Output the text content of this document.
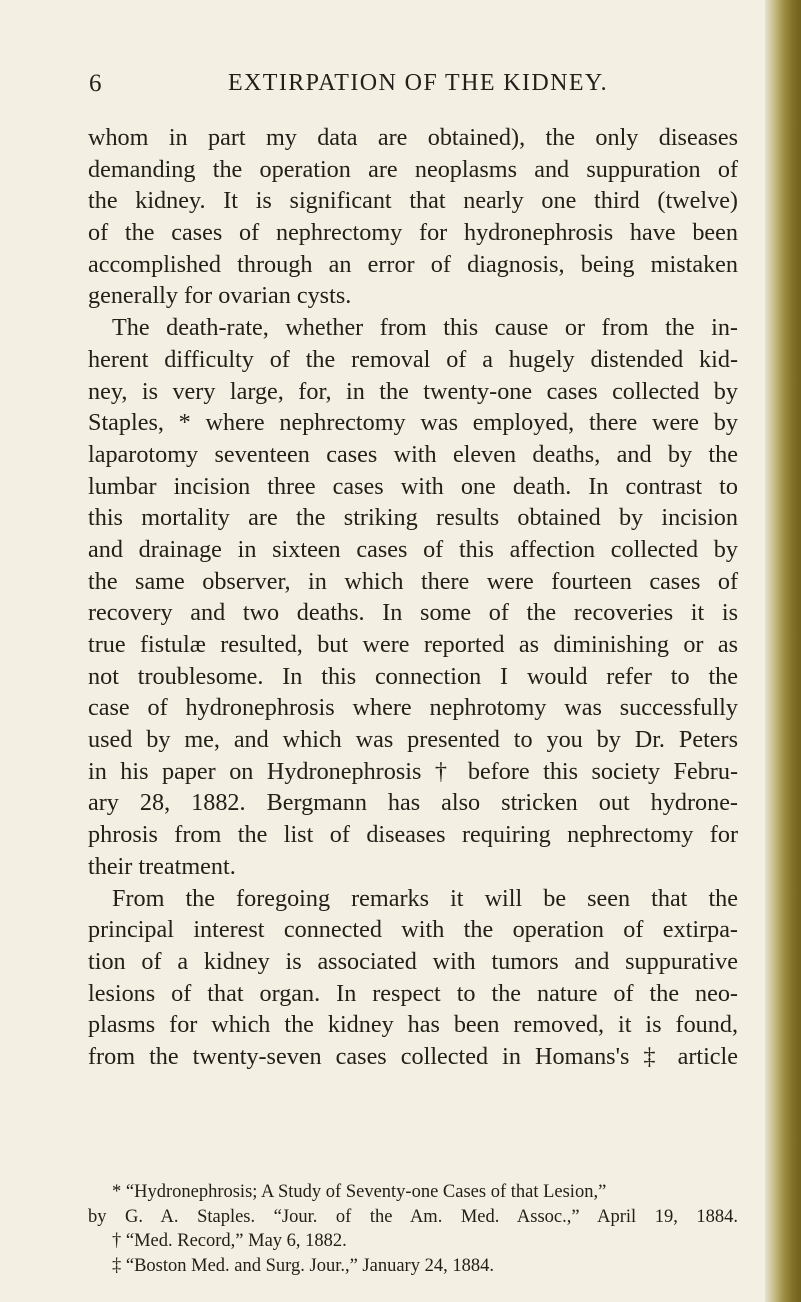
6	EXTIRPATION OF THE KIDNEY.
whom in part my data are obtained), the only diseases
demanding the operation are neoplasms and suppuration of
the kidney. It is significant that nearly one third (twelve)
of the cases of nephrectomy for hydronephrosis have been
accomplished through an error of diagnosis, being mistaken
generally for ovarian cysts.
The death-rate, whether from this cause or from the in-
herent difficulty of the removal of a hugely distended kid-
ney, is very large, for, in the twenty-one cases collected by
Staples, * where nephrectomy was employed, there were by
laparotomy seventeen cases with eleven deaths, and by the
lumbar incision three cases with one death. In contrast to
this mortality are the striking results obtained by incision
and drainage in sixteen cases of this affection collected by
the same observer, in which there were fourteen cases of
recovery and two deaths. In some of the recoveries it is
true fistulæ resulted, but were reported as diminishing or as
not troublesome. In this connection I would refer to the
case of hydronephrosis where nephrotomy was successfully
used by me, and which was presented to you by Dr. Peters
in his paper on Hydronephrosis † before this society Febru-
ary 28, 1882. Bergmann has also stricken out hydrone-
phrosis from the list of diseases requiring nephrectomy for
their treatment.
From the foregoing remarks it will be seen that the
principal interest connected with the operation of extirpa-
tion of a kidney is associated with tumors and suppurative
lesions of that organ. In respect to the nature of the neo-
plasms for which the kidney has been removed, it is found,
from the twenty-seven cases collected in Homans's ‡ article
* “Hydronephrosis; A Study of Seventy-one Cases of that Lesion,”
by G. A. Staples. “Jour. of the Am. Med. Assoc.,” April 19, 1884.
† “Med. Record,” May 6, 1882.
‡ “Boston Med. and Surg. Jour.,” January 24, 1884.
